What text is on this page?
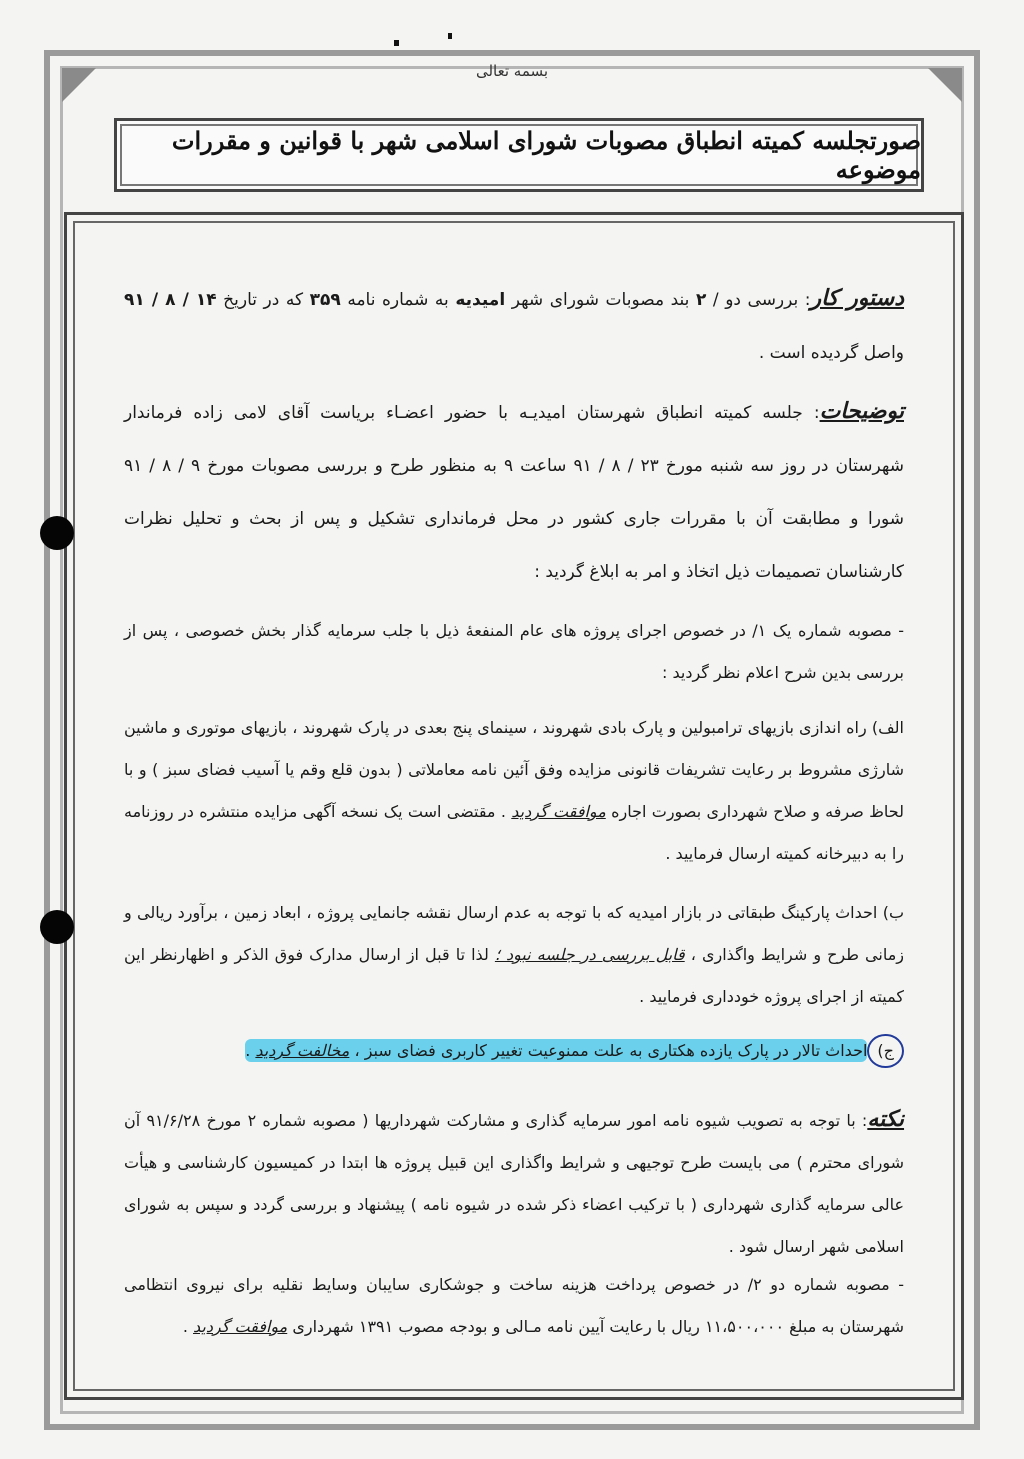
بسمه تعالی
صورتجلسه کمیته انطباق مصوبات شورای اسلامی شهر با قوانین و مقررات موضوعه
دستور کار: بررسی دو / ۲ بند مصوبات شورای شهر امیدیه به شماره نامه ۳۵۹ که در تاریخ ۱۴ / ۸ / ۹۱ واصل گردیده است .
توضیحات: جلسه کمیته انطباق شهرستان امیدیـه با حضور اعضـاء بریاست آقای لامی زاده فرماندار شهرستان در روز سه شنبه مورخ ۲۳ / ۸ / ۹۱ ساعت ۹ به منظور طرح و بررسی مصوبات مورخ ۹ / ۸ / ۹۱ شورا و مطابقت آن با مقررات جاری کشور در محل فرمانداری تشکیل و پس از بحث و تحلیل نظرات کارشناسان تصمیمات ذیل اتخاذ و امر به ابلاغ گردید :
- مصوبه شماره یک ۱/ در خصوص اجرای پروژه های عام المنفعهٔ ذیل با جلب سرمایه گذار بخش خصوصی ، پس از بررسی بدین شرح اعلام نظر گردید :
الف) راه اندازی بازیهای ترامبولین و پارک بادی شهروند ، سینمای پنج بعدی در پارک شهروند ، بازیهای موتوری و ماشین شارژی مشروط بر رعایت تشریفات قانونی مزایده وفق آئین نامه معاملاتی ( بدون قلع وقم یا آسیب فضای سبز ) و با لحاظ صرفه و صلاح شهرداری بصورت اجاره موافقت گردید . مقتضی است یک نسخه آگهی مزایده منتشره در روزنامه را به دبیرخانه کمیته ارسال فرمایید .
ب) احداث پارکینگ طبقاتی در بازار امیدیه که با توجه به عدم ارسال نقشه جانمایی پروژه ، ابعاد زمین ، برآورد ریالی و زمانی طرح و شرایط واگذاری ، قابل بررسی در جلسه نبود ؛ لذا تا قبل از ارسال مدارک فوق الذکر و اظهارنظر این کمیته از اجرای پروژه خودداری فرمایید .
ج)احداث تالار در پارک یازده هکتاری به علت ممنوعیت تغییر کاربری فضای سبز ، مخالفت گردید .
نکته: با توجه به تصویب شیوه نامه امور سرمایه گذاری و مشارکت شهرداریها ( مصوبه شماره ۲ مورخ ۹۱/۶/۲۸ آن شورای محترم ) می بایست طرح توجیهی و شرایط واگذاری این قبیل پروژه ها ابتدا در کمیسیون کارشناسی و هیأت عالی سرمایه گذاری شهرداری ( با ترکیب اعضاء ذکر شده در شیوه نامه ) پیشنهاد و بررسی گردد و سپس به شورای اسلامی شهر ارسال شود .
- مصوبه شماره دو ۲/ در خصوص پرداخت هزینه ساخت و جوشکاری سایبان وسایط نقلیه برای نیروی انتظامی شهرستان به مبلغ ۱۱،۵۰۰،۰۰۰ ریال با رعایت آیین نامه مـالی و بودجه مصوب ۱۳۹۱ شهرداری موافقت گردید .
